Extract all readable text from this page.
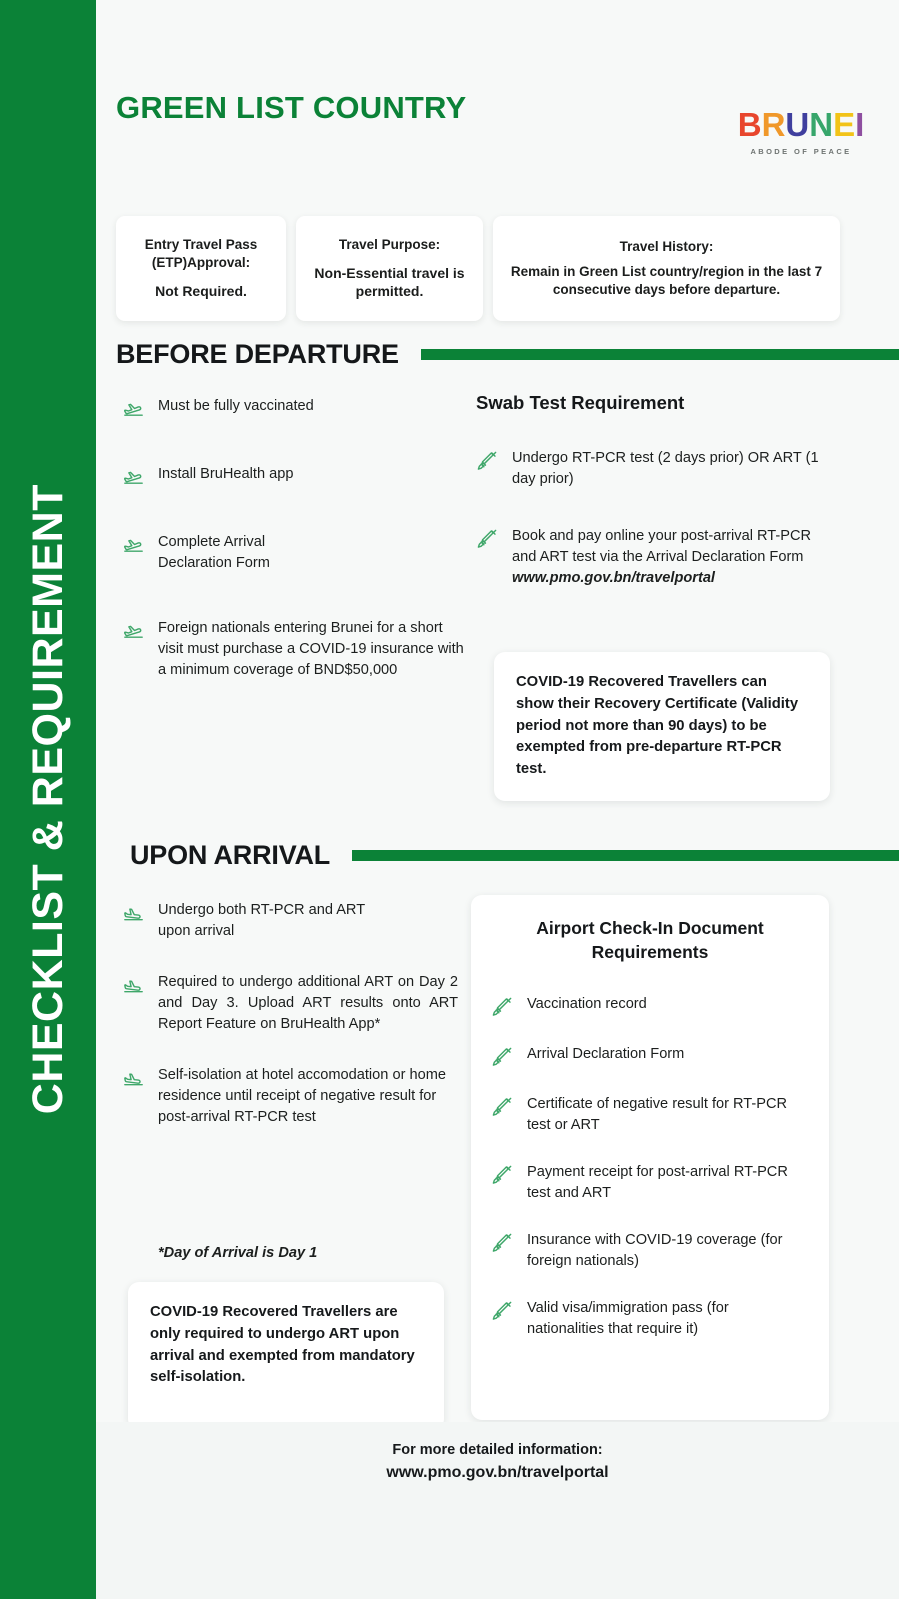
CHECKLIST & REQUIREMENT
GREEN LIST COUNTRY	BRUNEI
ABODE OF PEACE
Entry Travel Pass (ETP)Approval:
Not Required.
Travel Purpose:
Non-Essential travel is permitted.
Travel History:
Remain in Green List country/region in the last 7 consecutive days before departure.
BEFORE DEPARTURE
Must be fully vaccinated
Install BruHealth app
Complete Arrival Declaration Form
Foreign nationals entering Brunei for a short visit must purchase a COVID-19 insurance with a minimum coverage of BND$50,000
Swab Test Requirement
Undergo RT-PCR test (2 days prior) OR ART (1 day prior)
Book and pay online your post-arrival RT-PCR and ART test via the Arrival Declaration Form www.pmo.gov.bn/travelportal
COVID-19 Recovered Travellers can show their Recovery Certificate (Validity period not more than 90 days) to be exempted from pre-departure RT-PCR test.
UPON ARRIVAL
Undergo both RT-PCR and ART upon arrival
Required to undergo additional ART on Day 2 and Day 3. Upload ART results onto ART Report Feature on BruHealth App*
Self-isolation at hotel accomodation or home residence until receipt of negative result for post-arrival RT-PCR test
*Day of Arrival is Day 1
COVID-19 Recovered Travellers are only required to undergo ART upon arrival and exempted from mandatory self-isolation.
Airport Check-In Document Requirements
Vaccination record
Arrival Declaration Form
Certificate of negative result for RT-PCR test or ART
Payment receipt for post-arrival RT-PCR test and ART
Insurance with COVID-19 coverage (for foreign nationals)
Valid visa/immigration pass (for nationalities that require it)
For more detailed information:
www.pmo.gov.bn/travelportal
